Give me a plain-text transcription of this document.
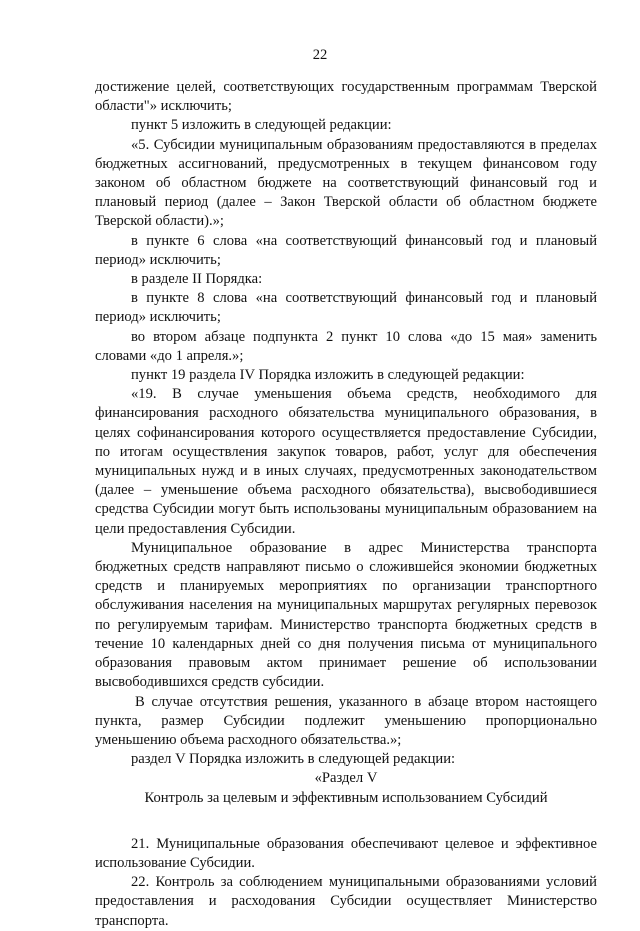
22

достижение целей, соответствующих государственным программам Тверской области"» исключить;

пункт 5 изложить в следующей редакции:

«5. Субсидии муниципальным образованиям предоставляются в пределах бюджетных ассигнований, предусмотренных в текущем финансовом году законом об областном бюджете на соответствующий финансовый год и плановый период (далее – Закон Тверской области об областном бюджете Тверской области).»;

в пункте 6 слова «на соответствующий финансовый год и плановый период» исключить;

в разделе II Порядка:

в пункте 8 слова «на соответствующий финансовый год и плановый период» исключить;

во втором абзаце подпункта 2 пункт 10 слова «до 15 мая» заменить словами «до 1 апреля.»;

пункт 19 раздела IV Порядка изложить в следующей редакции:

«19. В случае уменьшения объема средств, необходимого для финансирования расходного обязательства муниципального образования, в целях софинансирования которого осуществляется предоставление Субсидии, по итогам осуществления закупок товаров, работ, услуг для обеспечения муниципальных нужд и в иных случаях, предусмотренных законодательством (далее – уменьшение объема расходного обязательства), высвободившиеся средства Субсидии могут быть использованы муниципальным образованием на цели предоставления Субсидии.

Муниципальное образование в адрес Министерства транспорта бюджетных средств направляют письмо о сложившейся экономии бюджетных средств и планируемых мероприятиях по организации транспортного обслуживания населения на муниципальных маршрутах регулярных перевозок по регулируемым тарифам. Министерство транспорта бюджетных средств в течение 10 календарных дней со дня получения письма от муниципального образования правовым актом принимает решение об использовании высвободившихся средств субсидии.

В случае отсутствия решения, указанного в абзаце втором настоящего пункта, размер Субсидии подлежит уменьшению пропорционально уменьшению объема расходного обязательства.»;

раздел V Порядка изложить в следующей редакции:

«Раздел V

Контроль за целевым и эффективным использованием Субсидий

21. Муниципальные образования обеспечивают целевое и эффективное использование Субсидии.

22. Контроль за соблюдением муниципальными образованиями условий предоставления и расходования Субсидии осуществляет Министерство транспорта.
